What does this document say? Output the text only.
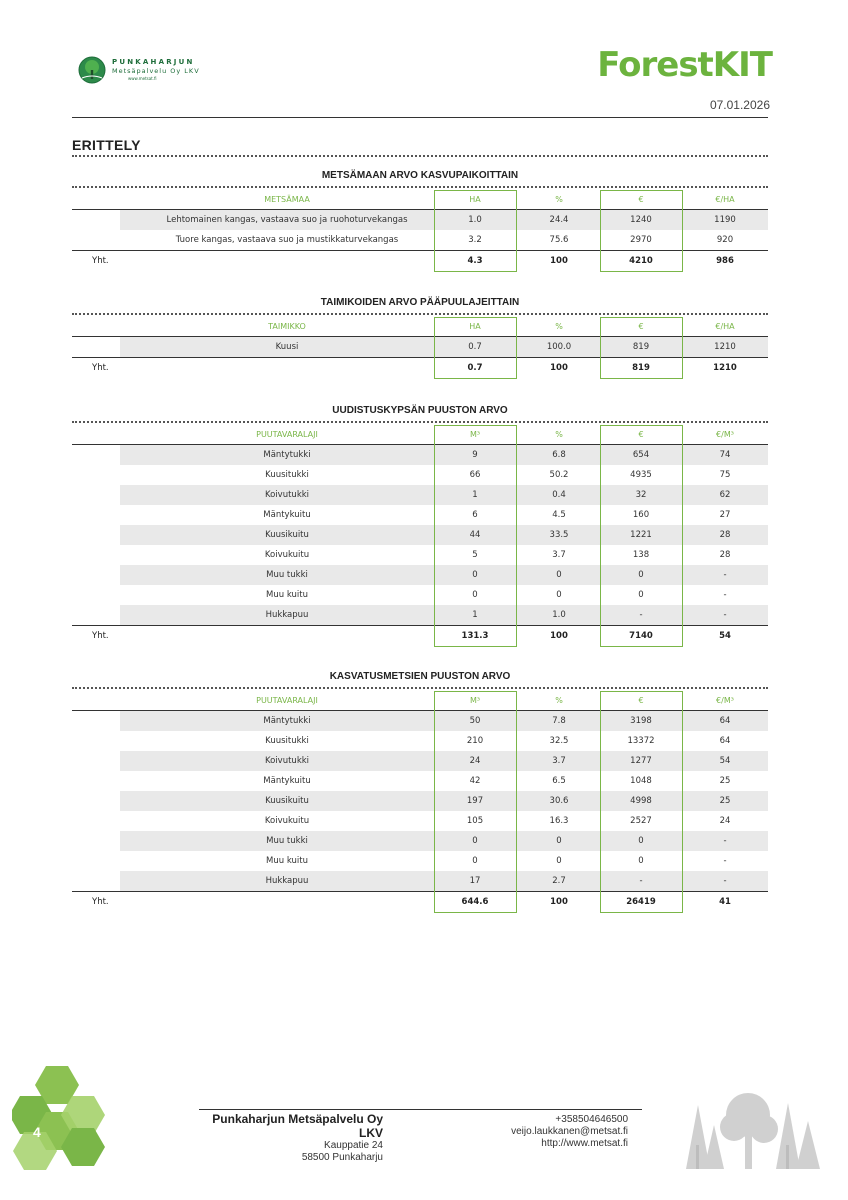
PUNKAHARJUN
Metsäpalvelu Oy LKV
www.metsat.fi	ForestKIT
07.01.2026
ERITTELY
METSÄMAAN ARVO KASVUPAIKOITTAIN
TAIMIKOIDEN ARVO PÄÄPUULAJEITTAIN
UUDISTUSKYPSÄN PUUSTON ARVO
KASVATUSMETSIEN PUUSTON ARVO
METSÄMAA	HA	%	€	€/HA
Lehtomainen kangas, vastaava suo ja ruohoturvekangas	1.0	24.4	1240	1190
Tuore kangas, vastaava suo ja mustikkaturvekangas	3.2	75.6	2970	920
Yht.	4.3	100	4210	986
TAIMIKKO	HA	%	€	€/HA
Kuusi	0.7	100.0	819	1210
Yht.	0.7	100	819	1210
PUUTAVARALAJI	M³	%	€	€/M³
Mäntytukki	9	6.8	654	74
Kuusitukki	66	50.2	4935	75
Koivutukki	1	0.4	32	62
Mäntykuitu	6	4.5	160	27
Kuusikuitu	44	33.5	1221	28
Koivukuitu	5	3.7	138	28
Muu tukki	0	0	0	-
Muu kuitu	0	0	0	-
Hukkapuu	1	1.0	-	-
Yht.	131.3	100	7140	54
PUUTAVARALAJI	M³	%	€	€/M³
Mäntytukki	50	7.8	3198	64
Kuusitukki	210	32.5	13372	64
Koivutukki	24	3.7	1277	54
Mäntykuitu	42	6.5	1048	25
Kuusikuitu	197	30.6	4998	25
Koivukuitu	105	16.3	2527	24
Muu tukki	0	0	0	-
Muu kuitu	0	0	0	-
Hukkapuu	17	2.7	-	-
Yht.	644.6	100	26419	41
4
Punkaharjun Metsäpalvelu Oy LKV
Kauppatie 24
58500 Punkaharju
+358504646500
veijo.laukkanen@metsat.fi
http://www.metsat.fi
